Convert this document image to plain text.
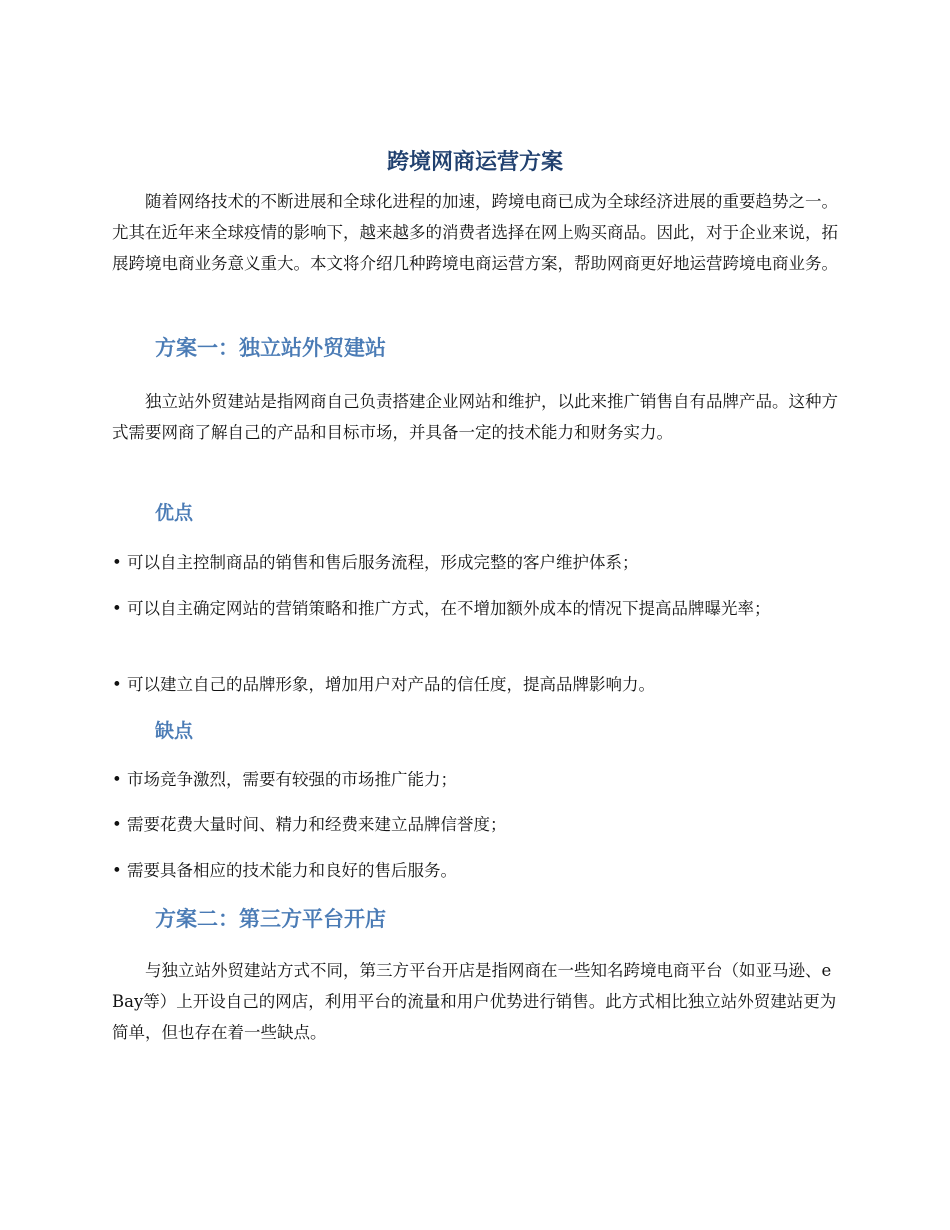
跨境网商运营方案

随着网络技术的不断进展和全球化进程的加速，跨境电商已成为全球经济进展的重要趋势之一。尤其在近年来全球疫情的影响下，越来越多的消费者选择在网上购买商品。因此，对于企业来说，拓展跨境电商业务意义重大。本文将介绍几种跨境电商运营方案，帮助网商更好地运营跨境电商业务。

方案一：独立站外贸建站

独立站外贸建站是指网商自己负责搭建企业网站和维护，以此来推广销售自有品牌产品。这种方式需要网商了解自己的产品和目标市场，并具备一定的技术能力和财务实力。

优点

• 可以自主控制商品的销售和售后服务流程，形成完整的客户维护体系；

• 可以自主确定网站的营销策略和推广方式，在不增加额外成本的情况下提高品牌曝光率；

• 可以建立自己的品牌形象，增加用户对产品的信任度，提高品牌影响力。

缺点

• 市场竞争激烈，需要有较强的市场推广能力；

• 需要花费大量时间、精力和经费来建立品牌信誉度；

• 需要具备相应的技术能力和良好的售后服务。

方案二：第三方平台开店

与独立站外贸建站方式不同，第三方平台开店是指网商在一些知名跨境电商平台（如亚马逊、eBay等）上开设自己的网店，利用平台的流量和用户优势进行销售。此方式相比独立站外贸建站更为简单，但也存在着一些缺点。
